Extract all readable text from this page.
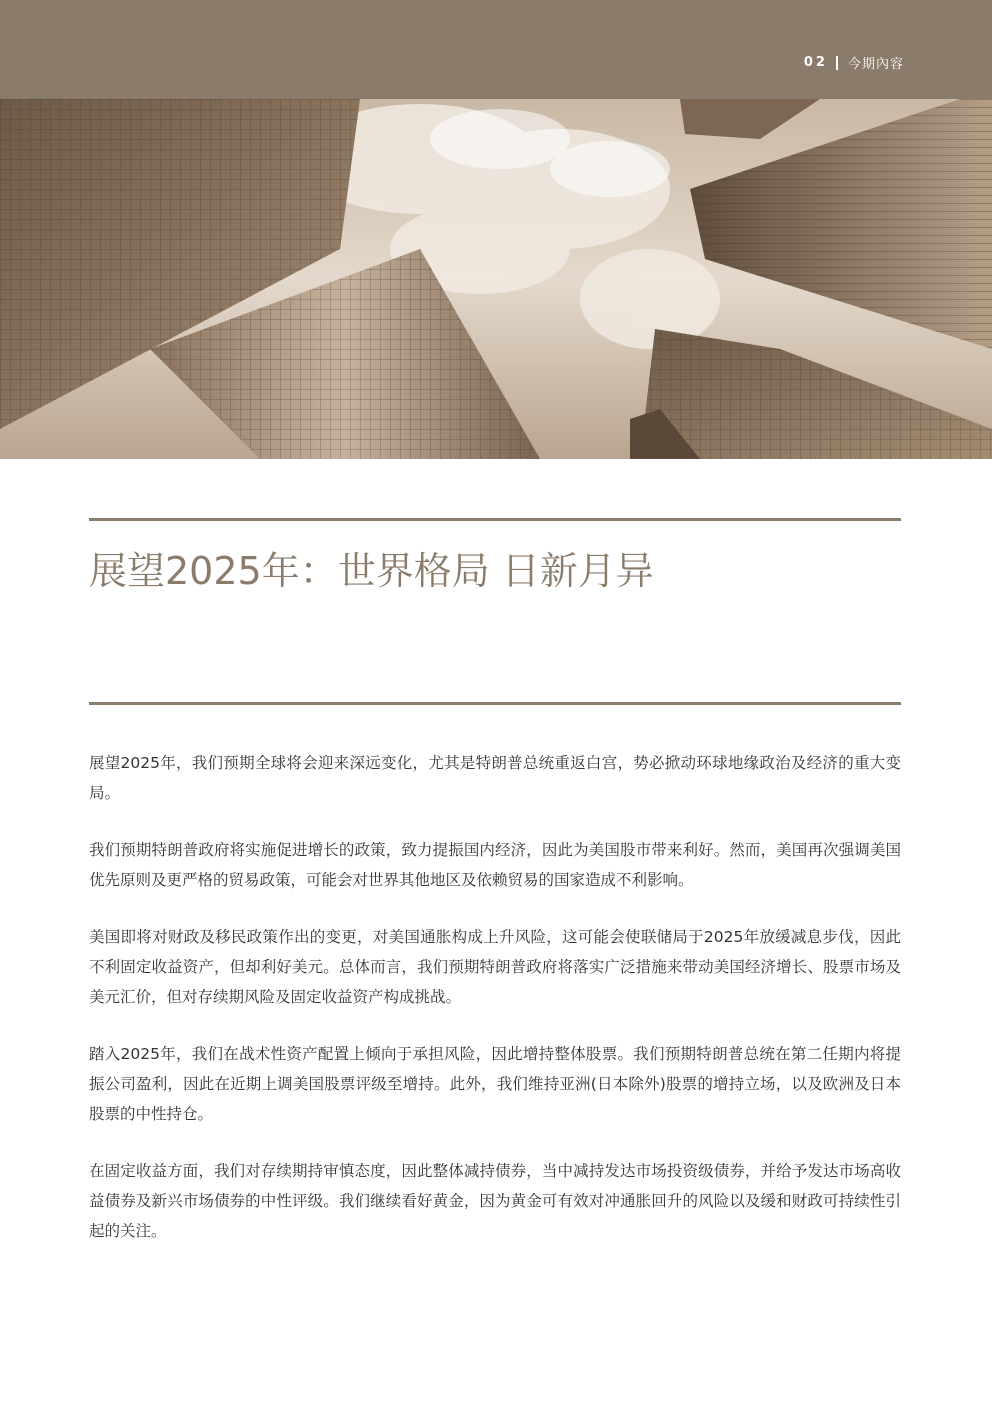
02 今期內容
展望2025年：世界格局 日新月异

展望2025年，我们预期全球将会迎来深远变化，尤其是特朗普总统重返白宫，势必掀动环球地缘政治及经济的重大变局。

我们预期特朗普政府将实施促进增长的政策，致力提振国内经济，因此为美国股市带来利好。然而，美国再次强调美国优先原则及更严格的贸易政策，可能会对世界其他地区及依赖贸易的国家造成不利影响。

美国即将对财政及移民政策作出的变更，对美国通胀构成上升风险，这可能会使联储局于2025年放缓减息步伐，因此不利固定收益资产，但却利好美元。总体而言，我们预期特朗普政府将落实广泛措施来带动美国经济增长、股票市场及美元汇价，但对存续期风险及固定收益资产构成挑战。

踏入2025年，我们在战术性资产配置上倾向于承担风险，因此增持整体股票。我们预期特朗普总统在第二任期内将提振公司盈利，因此在近期上调美国股票评级至增持。此外，我们维持亚洲(日本除外)股票的增持立场，以及欧洲及日本股票的中性持仓。

在固定收益方面，我们对存续期持审慎态度，因此整体减持债券，当中减持发达市场投资级债券，并给予发达市场高收益债券及新兴市场债券的中性评级。我们继续看好黄金，因为黄金可有效对冲通胀回升的风险以及缓和财政可持续性引起的关注。
